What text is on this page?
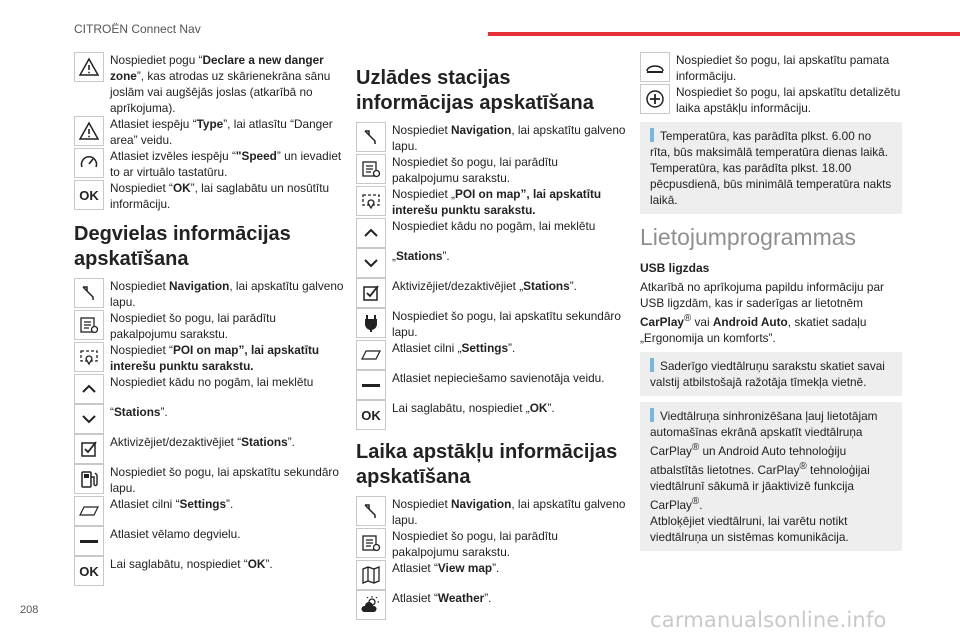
CITROËN Connect Nav
Nospiediet pogu “Declare a new danger zone”, kas atrodas uz skārienekrāna sānu joslām vai augšējās joslas (atkarībā no aprīkojuma).
Atlasiet iespēju “Type”, lai atlasītu “Danger area” veidu.
Atlasiet izvēles iespēju “"Speed” un ievadiet to ar virtuālo tastatūru.
OK Nospiediet “OK”, lai saglabātu un nosūtītu informāciju.
Degvielas informācijas apskatīšana
Nospiediet Navigation, lai apskatītu galveno lapu.
Nospiediet šo pogu, lai parādītu pakalpojumu sarakstu.
Nospiediet “POI on map”, lai apskatītu interešu punktu sarakstu.
Nospiediet kādu no pogām, lai meklētu
“Stations”.
Aktivizējiet/dezaktivējiet “Stations”.
Nospiediet šo pogu, lai apskatītu sekundāro lapu.
Atlasiet cilni “Settings”.
Atlasiet vēlamo degvielu.
OK Lai saglabātu, nospiediet “OK”.
Uzlādes stacijas informācijas apskatīšana
Nospiediet Navigation, lai apskatītu galveno lapu.
Nospiediet šo pogu, lai parādītu pakalpojumu sarakstu.
Nospiediet „POI on map”, lai apskatītu interešu punktu sarakstu.
Nospiediet kādu no pogām, lai meklētu
„Stations”.
Aktivizējiet/dezaktivējiet „Stations”.
Nospiediet šo pogu, lai apskatītu sekundāro lapu.
Atlasiet cilni „Settings”.
Atlasiet nepieciešamo savienotāja veidu.
OK Lai saglabātu, nospiediet „OK”.
Laika apstākļu informācijas apskatīšana
Nospiediet Navigation, lai apskatītu galveno lapu.
Nospiediet šo pogu, lai parādītu pakalpojumu sarakstu.
Atlasiet “View map”.
Atlasiet “Weather”.
Nospiediet šo pogu, lai apskatītu pamata informāciju.
Nospiediet šo pogu, lai apskatītu detalizētu laika apstākļu informāciju.
Temperatūra, kas parādīta plkst. 6.00 no rīta, būs maksimālā temperatūra dienas laikā.
Temperatūra, kas parādīta plkst. 18.00 pēcpusdienā, būs minimālā temperatūra nakts laikā.
Lietojumprogrammas
USB ligzdas
Atkarībā no aprīkojuma papildu informāciju par USB ligzdām, kas ir saderīgas ar lietotnēm CarPlay® vai Android Auto, skatiet sadaļu „Ergonomija un komforts”.
Saderīgo viedtālruņu sarakstu skatiet savai valstij atbilstošajā ražotāja tīmekļa vietnē.
Viedtālruņa sinhronizēšana ļauj lietotājam automašīnas ekrānā apskatīt viedtālruņa CarPlay® un Android Auto tehnoloģiju atbalstītās lietotnes. CarPlay® tehnoloģijai viedtālrunī sākumā ir jāaktivizē funkcija CarPlay®.
Atbloķējiet viedtālruni, lai varētu notikt viedtālruņa un sistēmas komunikācija.
208	carmanualsonline.info
